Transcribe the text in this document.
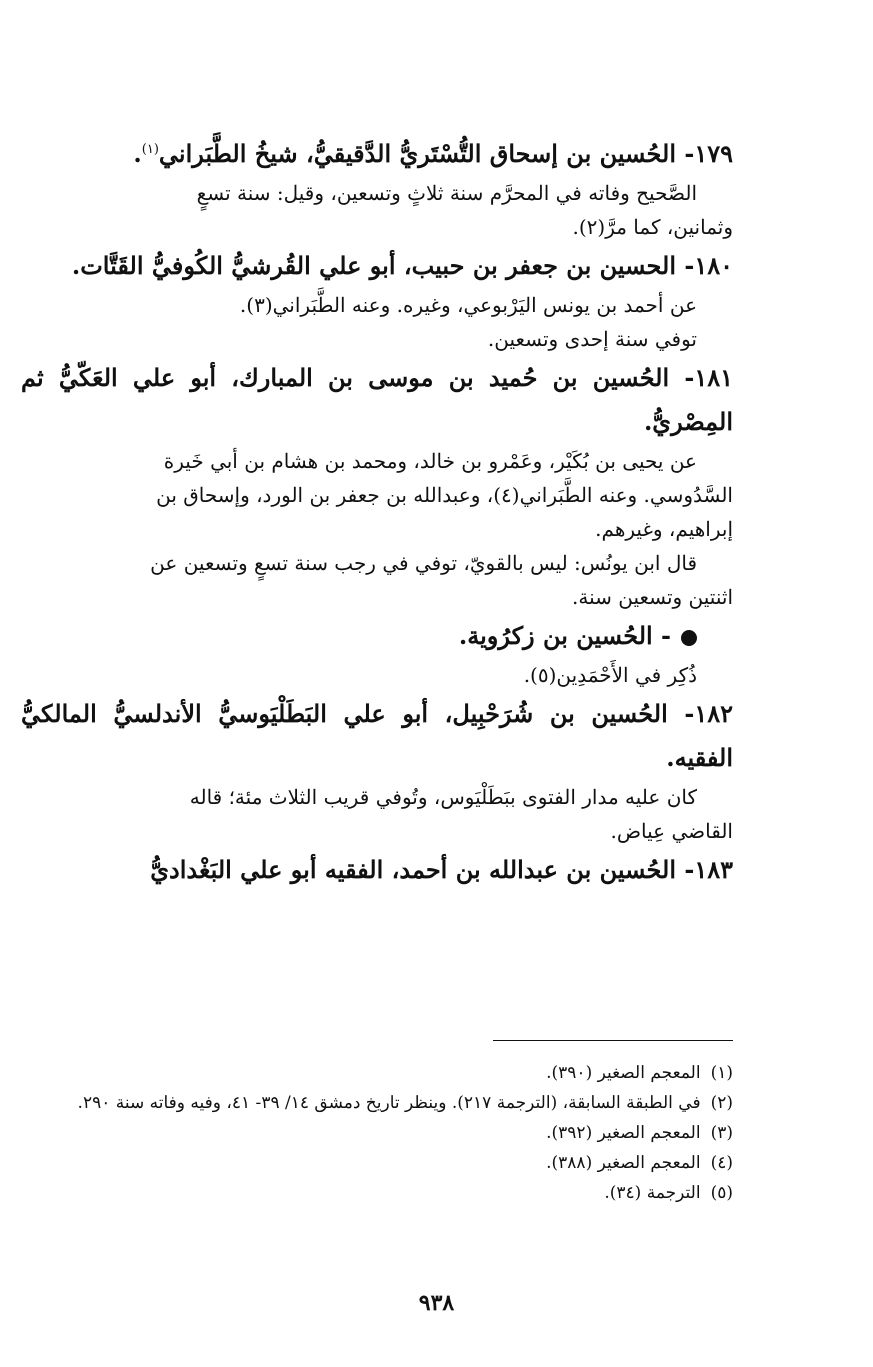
١٧٩- الحُسين بن إسحاق التُّسْتَريُّ الدَّقيقيُّ، شيخُ الطَّبَراني$^{(١)}$.

الصَّحيح وفاته في المحرَّم سنة ثلاثٍ وتسعين، وقيل: سنة تسعٍ

وثمانين، كما مرَّ(٢).

١٨٠- الحسين بن جعفر بن حبيب، أبو علي القُرشيُّ الكُوفيُّ القَتَّات.

عن أحمد بن يونس اليَرْبوعي، وغيره. وعنه الطَّبَراني(٣).

توفي سنة إحدى وتسعين.

١٨١- الحُسين بن حُميد بن موسى بن المبارك، أبو علي العَكّيُّ ثم المِصْريُّ.

عن يحيى بن بُكَيْر، وعَمْرو بن خالد، ومحمد بن هشام بن أبي خَيرة

السَّدُوسي. وعنه الطَّبَراني(٤)، وعبدالله بن جعفر بن الورد، وإسحاق بن

إبراهيم، وغيرهم.

قال ابن يونُس: ليس بالقويّ، توفي في رجب سنة تسعٍ وتسعين عن

اثنتين وتسعين سنة.

- الحُسين بن زكرُوية.

ذُكِر في الأَحْمَدِين(٥).

١٨٢- الحُسين بن شُرَحْبِيل، أبو علي البَطَلْيَوسيُّ الأندلسيُّ المالكيُّ الفقيه.

كان عليه مدار الفتوى ببَطَلْيَوس، وتُوفي قريب الثلاث مئة؛ قاله

القاضي عِياض.

١٨٣- الحُسين بن عبدالله بن أحمد، الفقيه أبو علي البَغْداديُّ

(١)المعجم الصغير (٣٩٠).

(٢)في الطبقة السابقة، (الترجمة ٢١٧). وينظر تاريخ دمشق ١٤/ ٣٩- ٤١، وفيه وفاته سنة ٢٩٠.

(٣)المعجم الصغير (٣٩٢).

(٤)المعجم الصغير (٣٨٨).

(٥)الترجمة (٣٤).

٩٣٨
